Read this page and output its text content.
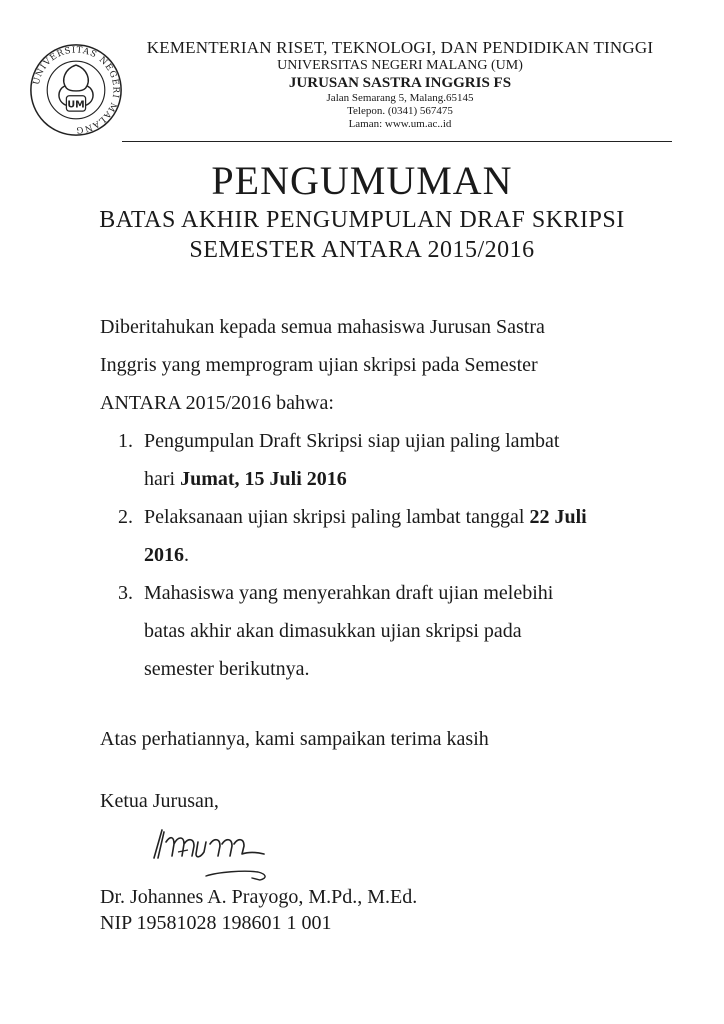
UNIVERSITAS NEGERI MALANG
UM
KEMENTERIAN RISET, TEKNOLOGI, DAN PENDIDIKAN TINGGI
UNIVERSITAS NEGERI MALANG (UM)
JURUSAN SASTRA INGGRIS FS
Jalan Semarang 5, Malang.65145
Telepon. (0341) 567475
Laman: www.um.ac..id
PENGUMUMAN
BATAS AKHIR PENGUMPULAN DRAF SKRIPSI
SEMESTER ANTARA 2015/2016
Diberitahukan kepada semua mahasiswa Jurusan Sastra
Inggris yang memprogram ujian skripsi pada Semester
ANTARA 2015/2016 bahwa:
1. Pengumpulan Draft Skripsi siap ujian paling lambat
hari Jumat, 15 Juli 2016
2. Pelaksanaan ujian skripsi paling lambat tanggal 22 Juli
2016.
3. Mahasiswa yang menyerahkan draft ujian melebihi
batas akhir akan dimasukkan ujian skripsi pada
semester berikutnya.
Atas perhatiannya, kami sampaikan terima kasih
Ketua Jurusan,
Dr. Johannes A. Prayogo, M.Pd., M.Ed.
NIP 19581028 198601 1 001
